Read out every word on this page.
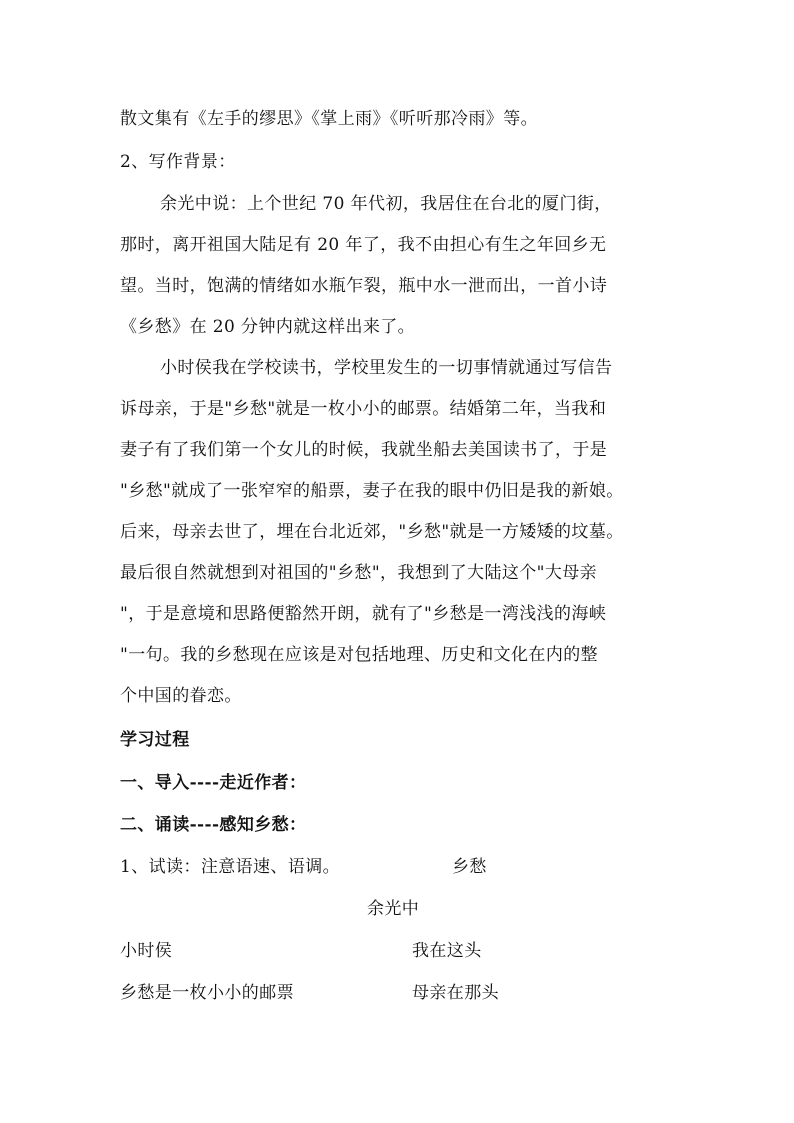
散文集有《左手的缪思》《掌上雨》《听听那冷雨》等。
2、写作背景：
余光中说：上个世纪 70 年代初，我居住在台北的厦门街，
那时，离开祖国大陆足有 20 年了，我不由担心有生之年回乡无
望。当时，饱满的情绪如水瓶乍裂，瓶中水一泄而出，一首小诗
《乡愁》在 20 分钟内就这样出来了。
小时侯我在学校读书，学校里发生的一切事情就通过写信告
诉母亲，于是"乡愁"就是一枚小小的邮票。结婚第二年，当我和
妻子有了我们第一个女儿的时候，我就坐船去美国读书了，于是
"乡愁"就成了一张窄窄的船票，妻子在我的眼中仍旧是我的新娘。
后来，母亲去世了，埋在台北近郊，"乡愁"就是一方矮矮的坟墓。
最后很自然就想到对祖国的"乡愁"，我想到了大陆这个"大母亲
"，于是意境和思路便豁然开朗，就有了"乡愁是一湾浅浅的海峡
"一句。我的乡愁现在应该是对包括地理、历史和文化在内的整
个中国的眷恋。
学习过程
一、导入----走近作者：
二、诵读----感知乡愁：
1、试读：注意语速、语调。	乡愁
余光中
小时侯	我在这头
乡愁是一枚小小的邮票	母亲在那头
